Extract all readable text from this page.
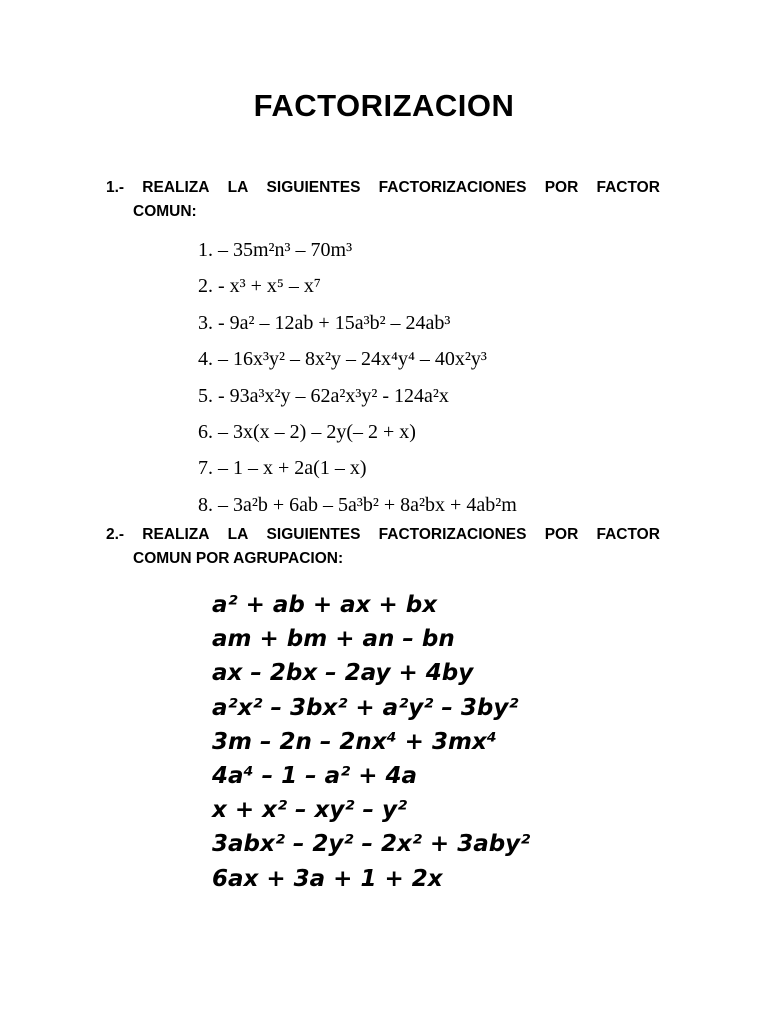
FACTORIZACION
1.- REALIZA LA SIGUIENTES FACTORIZACIONES POR FACTOR
COMUN:
1. – 35m²n³ – 70m³
2. - x³ + x⁵ – x⁷
3. - 9a² – 12ab + 15a³b² – 24ab³
4. – 16x³y² – 8x²y – 24x⁴y⁴ – 40x²y³
5. - 93a³x²y – 62a²x³y² - 124a²x
6. – 3x(x – 2) – 2y(– 2 + x)
7. – 1 – x + 2a(1 – x)
8. – 3a²b + 6ab – 5a³b² + 8a²bx + 4ab²m
2.- REALIZA LA SIGUIENTES FACTORIZACIONES POR FACTOR
COMUN POR AGRUPACION:
a² + ab + ax + bx
am + bm + an – bn
ax – 2bx – 2ay + 4by
a²x² – 3bx² + a²y² – 3by²
3m – 2n – 2nx⁴ + 3mx⁴
4a⁴ – 1 – a² + 4a
x + x² – xy² – y²
3abx² – 2y² – 2x² + 3aby²
6ax + 3a + 1 + 2x
